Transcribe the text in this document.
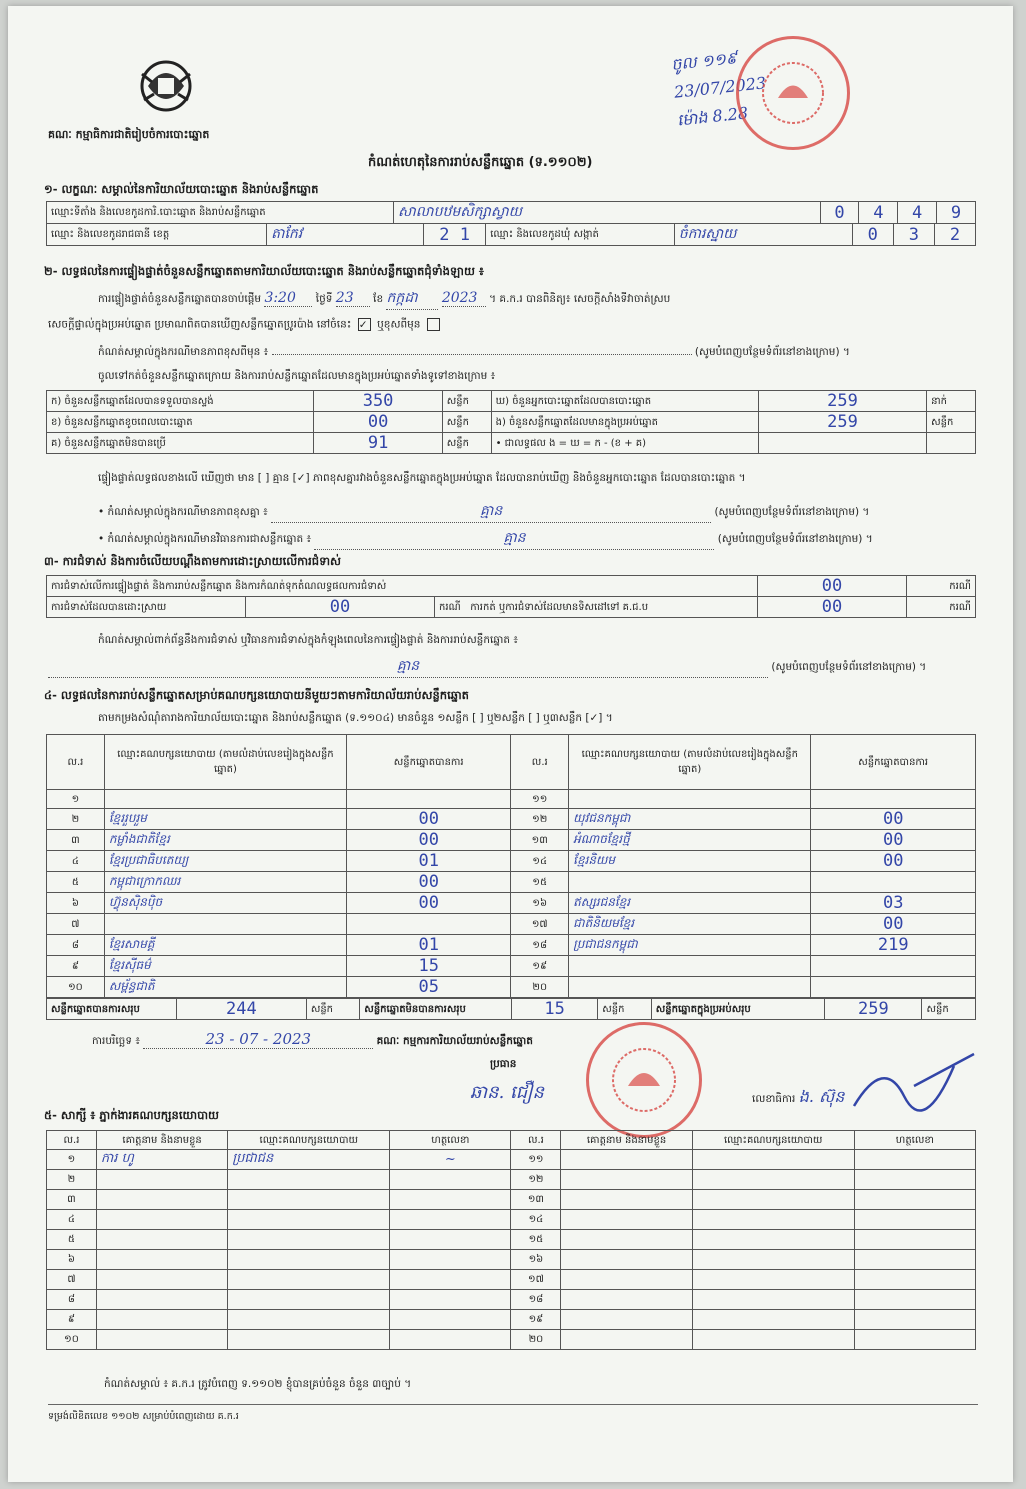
គណៈ កម្មាធិការជាតិរៀបចំការបោះឆ្នោត
កំណត់ហេតុនៃការរាប់សន្លឹកឆ្នោត (ទ.១១០២)
ចូល ១១៩
23/07/2023
ម៉ោង 8.28
១- លក្ខណៈ សម្គាល់នៃការិយាល័យបោះឆ្នោត និងរាប់សន្លឹកឆ្នោត
ឈ្មោះទីតាំង និងលេខកូដការិ.បោះឆ្នោត និងរាប់សន្លឹកឆ្នោត	សាលាបឋមសិក្សាស្វាយ	0	4	4	9
ឈ្មោះ និងលេខកូដរាជធានី ខេត្ត	តាកែវ	2 1	ឈ្មោះ និងលេខកូដឃុំ សង្កាត់	ចំការស្នាយ	0	3	2
២- លទ្ធផលនៃការផ្ទៀងផ្ទាត់ចំនួនសន្លឹកឆ្នោតតាមការិយាល័យបោះឆ្នោត និងរាប់សន្លឹកឆ្នោតជុំទាំងឡាយ ៖
ការផ្ទៀងផ្ទាត់ចំនួនសន្លឹកឆ្នោតបានចាប់ផ្តើម 3:20 ថ្ងៃទី 23 ខែ កក្កដា 2023 ។ គ.ក.រ បានពិនិត្យ៖ សេចក្តីសាំងទីវាចាត់ស្រប
សេចក្តីផ្ទាល់ក្នុងប្រអប់ឆ្នោត ប្រមាណពិតបានឃើញសន្លឹកឆ្នោតប្រូរប៉ាង នៅចំនេះ ✓ ឬខុសពីមុន
កំណត់សម្គាល់ក្នុងករណីមានភាពខុសពីមុន ៖	(សូមបំពេញបន្ថែមទំព័រនៅខាងក្រោម) ។
ចូលទៅកត់ចំនួនសន្លឹកឆ្នោតក្រោយ និងការរាប់សន្លឹកឆ្នោតដែលមានក្នុងប្រអប់ឆ្នោតទាំងទូទៅខាងក្រោម ៖
ក) ចំនួនសន្លឹកឆ្នោតដែលបានទទួលបានស្ទង់	350	សន្លឹក	ឃ) ចំនួនអ្នកបោះឆ្នោតដែលបានបោះឆ្នោត	259	នាក់
ខ) ចំនួនសន្លឹកឆ្នោតខូចពេលបោះឆ្នោត	00	សន្លឹក	ង) ចំនួនសន្លឹកឆ្នោតដែលមានក្នុងប្រអប់ឆ្នោត	259	សន្លឹក
គ) ចំនួនសន្លឹកឆ្នោតមិនបានប្រើ	91	សន្លឹក	• ជាលទ្ធផល ង = ឃ = ក - (ខ + គ)		
ផ្ទៀងផ្ទាត់លទ្ធផលខាងលើ ឃើញថា មាន [ ] គ្មាន [✓] ភាពខុសគ្នារវាងចំនួនសន្លឹកឆ្នោតក្នុងប្រអប់ឆ្នោត ដែលបានរាប់ឃើញ និងចំនួនអ្នកបោះឆ្នោត ដែលបានបោះឆ្នោត ។
• កំណត់សម្គាល់ក្នុងករណីមានភាពខុសគ្នា ៖	គ្មាន	(សូមបំពេញបន្ថែមទំព័រនៅខាងក្រោម) ។
• កំណត់សម្គាល់ក្នុងករណីមានវិធានការជាសន្លឹកឆ្នោត ៖	គ្មាន	(សូមបំពេញបន្ថែមទំព័រនៅខាងក្រោម) ។
៣- ការជំទាស់ និងការចំលើយបណ្តឹងតាមការដោះស្រាយលើការជំទាស់
ការជំទាស់លើការផ្ទៀងផ្ទាត់ និងការរាប់សន្លឹកឆ្នោត និងការកំណត់ទុកតំណលទ្ធផលការជំទាស់			00	ករណី
ការជំទាស់ដែលបានដោះស្រាយ	00	ករណី ការកត់ ឬការជំទាស់ដែលមានទិសដៅទៅ គ.ជ.ប	00	ករណី
កំណត់សម្គាល់ពាក់ព័ន្ធនឹងការជំទាស់ ឬវិធានការជំទាស់ក្នុងកំឡុងពេលនៃការផ្ទៀងផ្ទាត់ និងការរាប់សន្លឹកឆ្នោត ៖
គ្មាន	(សូមបំពេញបន្ថែមទំព័រនៅខាងក្រោម) ។
៤- លទ្ធផលនៃការរាប់សន្លឹកឆ្នោតសម្រាប់គណបក្សនយោបាយនីមួយៗតាមការិយាល័យរាប់សន្លឹកឆ្នោត
តាមកម្រងសំណុំតារាងការិយាល័យបោះឆ្នោត និងរាប់សន្លឹកឆ្នោត (ទ.១១០៤) មានចំនួន ១សន្លឹក [ ] ឬ២សន្លឹក [ ] ឬ៣សន្លឹក [✓] ។
ល.រ	ឈ្មោះគណបក្សនយោបាយ (តាមលំដាប់លេខរៀងក្នុងសន្លឹកឆ្នោត)	សន្លឹកឆ្នោតបានការ	ល.រ	ឈ្មោះគណបក្សនយោបាយ (តាមលំដាប់លេខរៀងក្នុងសន្លឹកឆ្នោត)	សន្លឹកឆ្នោតបានការ
១			១១		
២	ខ្មែររួបរួម	00	១២	យុវជនកម្ពុជា	00
៣	កម្លាំងជាតិខ្មែរ	00	១៣	អំណាចខ្មែរថ្មី	00
៤	ខ្មែរប្រជាធិបតេយ្យ	01	១៤	ខ្មែរនិយម	00
៥	កម្ពុជាក្រោកឈរ	00	១៥		
៦	ហ៊្វុនស៊ិនប៉ិច	00	១៦	ឥស្សរជនខ្មែរ	03
៧			១៧	ជាតិនិយមខ្មែរ	00
៨	ខ្មែរសាមគ្គី	01	១៨	ប្រជាជនកម្ពុជា	219
៩	ខ្មែរស៊ីធម៌	15	១៩		
១០	សម្ព័ន្ធជាតិ	05	២០		
សន្លឹកឆ្នោតបានការសរុប	244	សន្លឹក	សន្លឹកឆ្នោតមិនបានការសរុប	15	សន្លឹក	សន្លឹកឆ្នោតក្នុងប្រអប់សរុប	259	សន្លឹក
ការបរិច្ឆេទ ៖	23 - 07 - 2023	គណៈ កម្មការការិយាល័យរាប់សន្លឹកឆ្នោត
ប្រធាន
ឆាន. ជឿន	លេខាធិការ ង. ស៊ុន
៥- សាក្សី ៖ ភ្នាក់ងារគណបក្សនយោបាយ
ល.រ	គោត្តនាម និងនាមខ្លួន	ឈ្មោះគណបក្សនយោបាយ	ហត្ថលេខា	ល.រ	គោត្តនាម និងនាមខ្លួន	ឈ្មោះគណបក្សនយោបាយ	ហត្ថលេខា
១	ការ ហូ	ប្រជាជន	~	១១			
២				១២			
៣				១៣			
៤				១៤			
៥				១៥			
៦				១៦			
៧				១៧			
៨				១៨			
៩				១៩			
១០				២០			
កំណត់សម្គាល់ ៖ គ.ក.រ ត្រូវបំពេញ ទ.១១០២ ខ្ញុំបានគ្រប់ចំនួន ចំនួន ៣ច្បាប់ ។
ទម្រង់លិខិតលេខ ១១០២ សម្រាប់បំពេញដោយ គ.ក.រ
